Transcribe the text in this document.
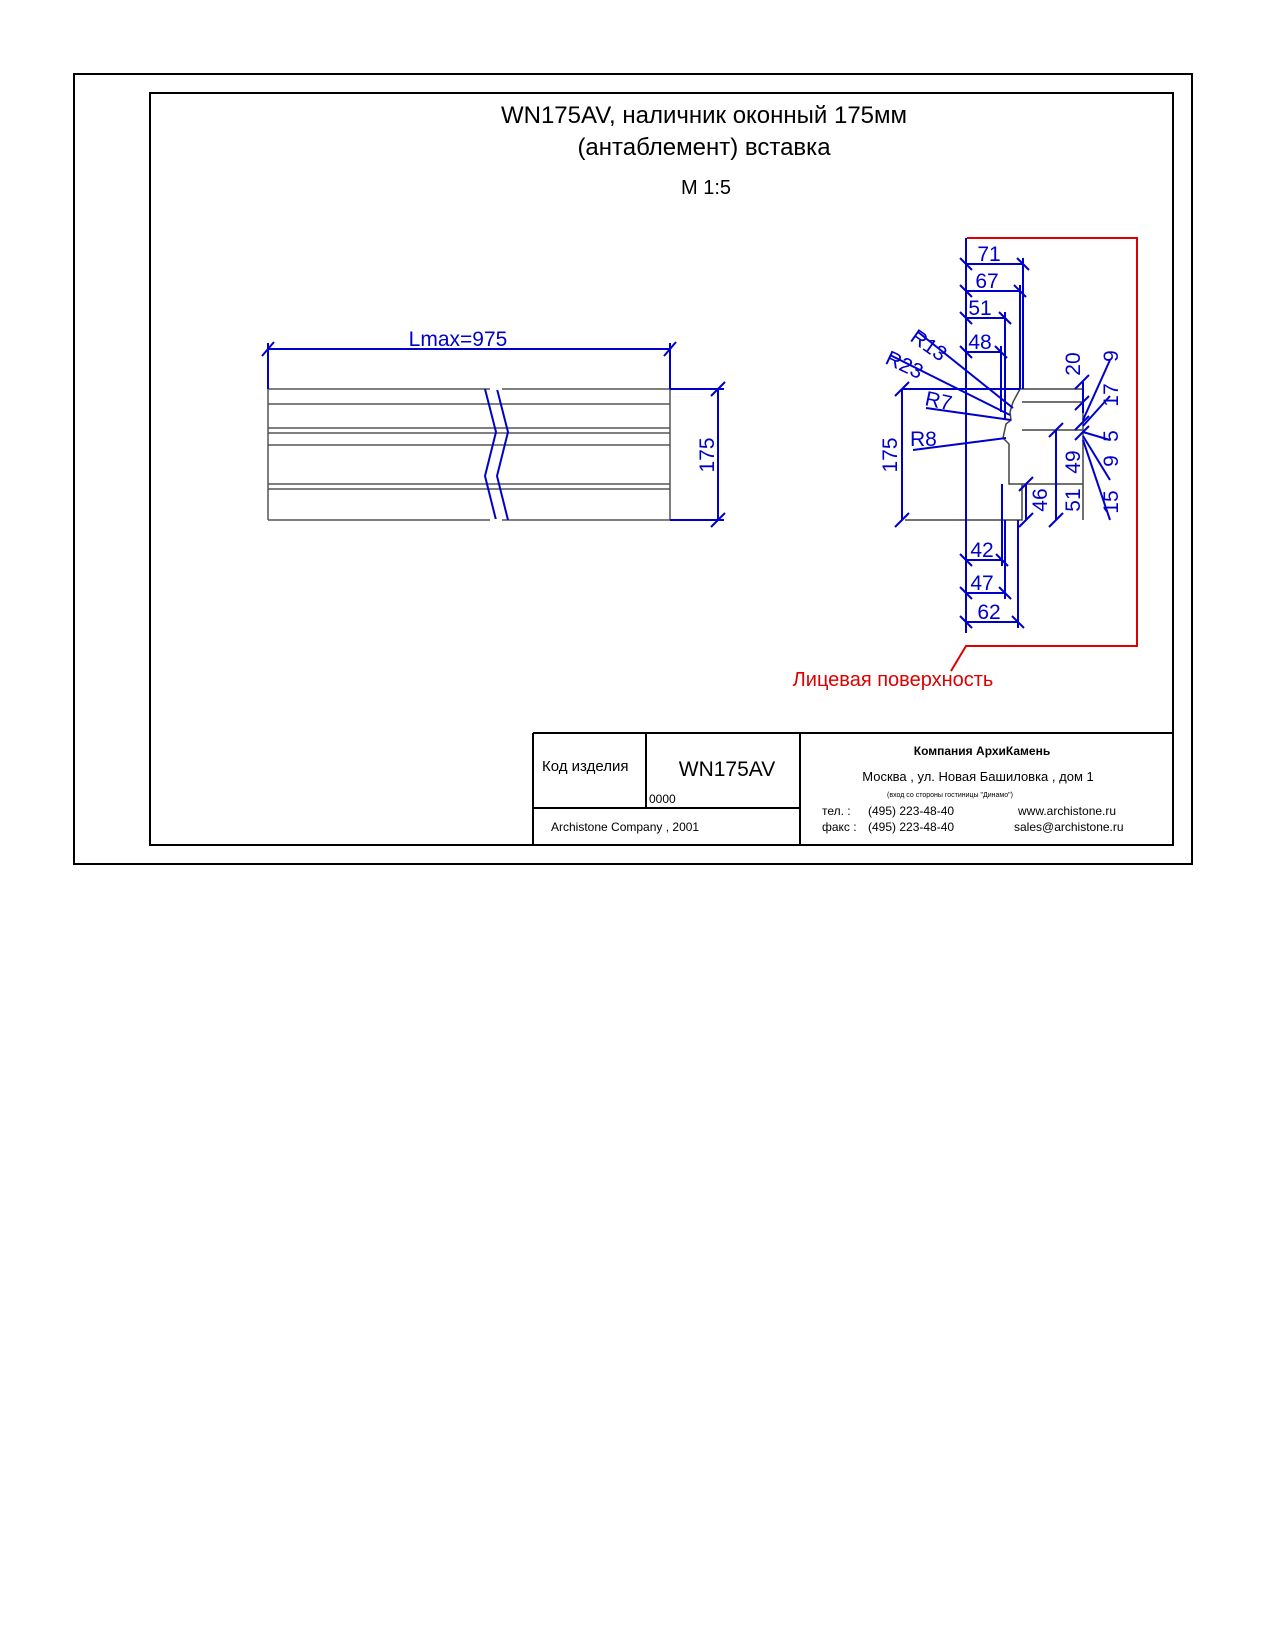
WN175AV, наличник оконный 175мм
(антаблемент) вставка
М 1:5
Lmax=975
175
Лицевая поверхность
71
67
51
48
R13
R23
R7
R8
175
20 9
17
5
9
49
46 51 15
42
47
62
Код изделия WN175AV
0000
Archistone Company , 2001
Компания АрхиКамень
Москва , ул. Новая Башиловка , дом 1
(вход со стороны гостиницы "Динамо")
тел. : (495) 223-48-40
факс : (495) 223-48-40
www.archistone.ru
sales@archistone.ru
